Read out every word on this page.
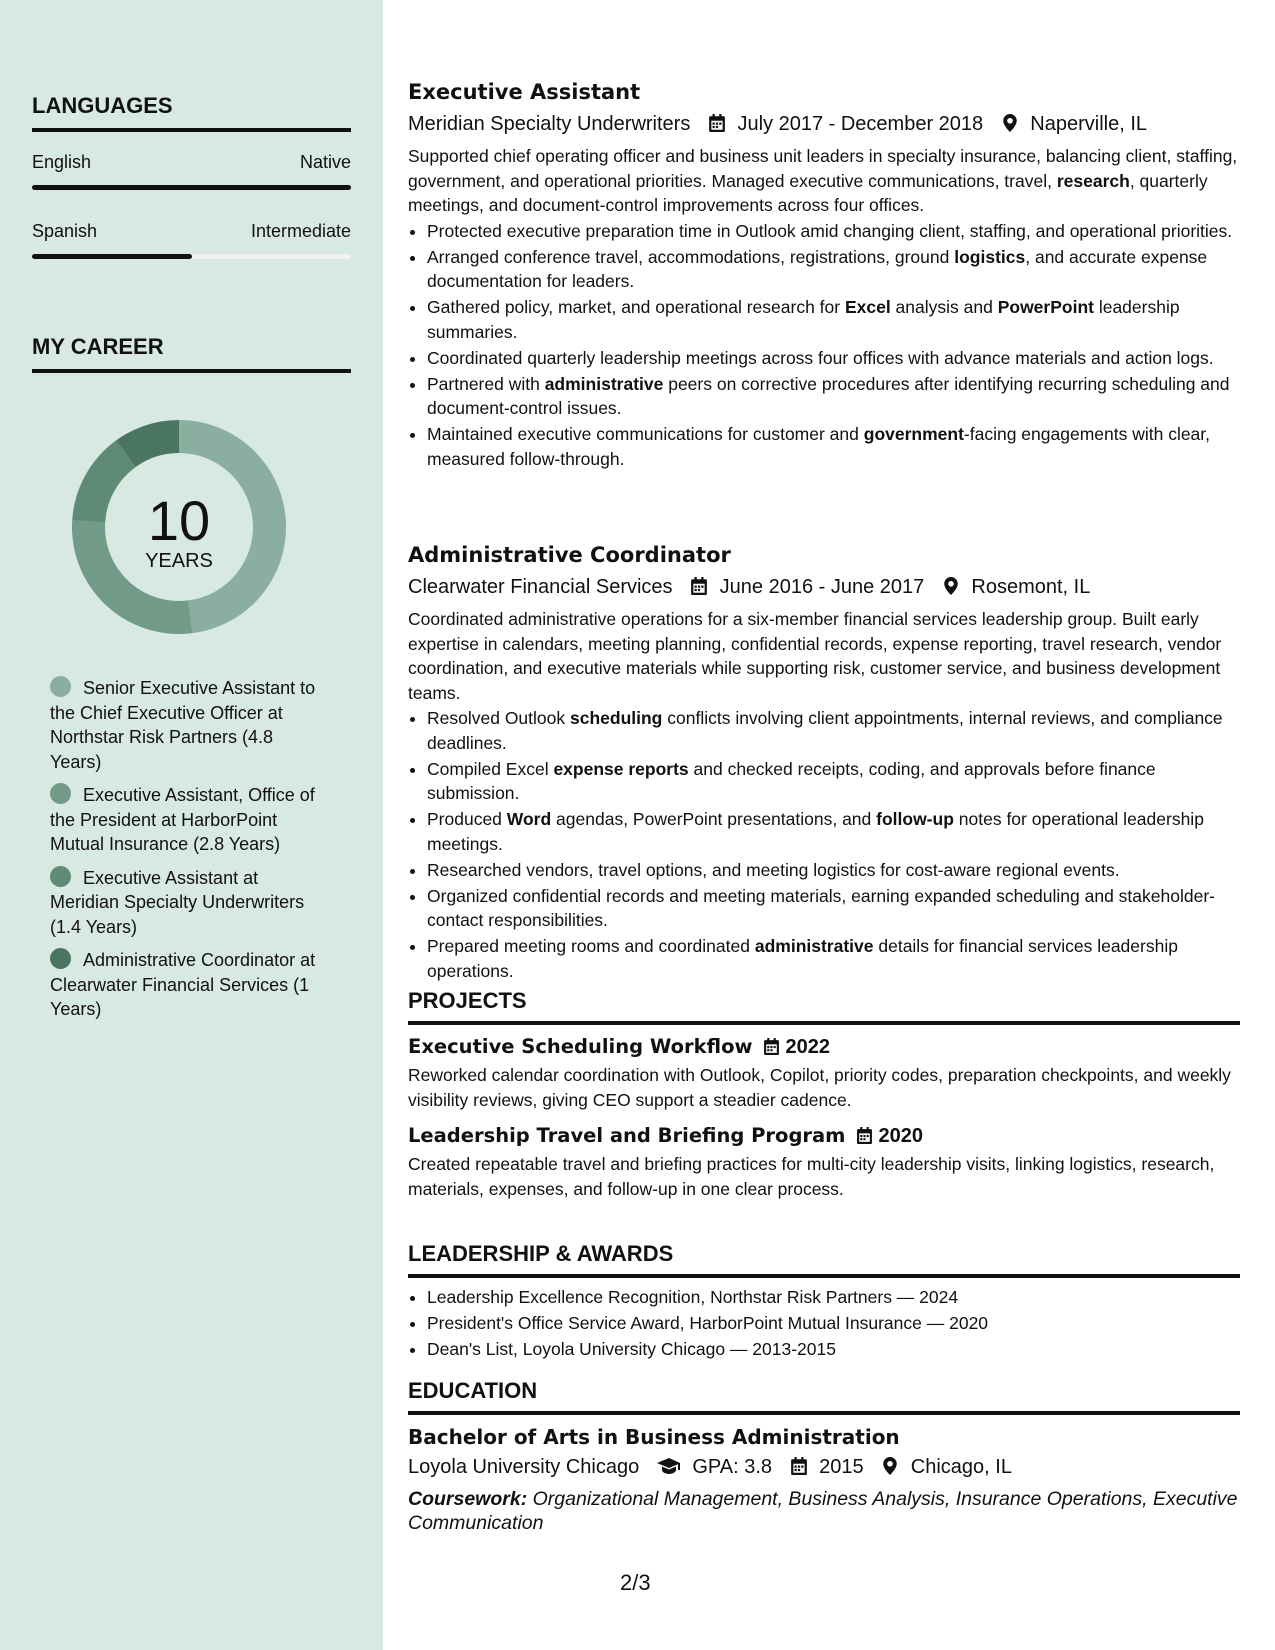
LANGUAGES
English	Native
Spanish	Intermediate
MY CAREER
10
YEARS
Senior Executive Assistant to the Chief Executive Officer at Northstar Risk Partners (4.8 Years)
Executive Assistant, Office of the President at HarborPoint Mutual Insurance (2.8 Years)
Executive Assistant at Meridian Specialty Underwriters (1.4 Years)
Administrative Coordinator at Clearwater Financial Services (1 Years)
Executive Assistant
Meridian Specialty Underwriters July 2017 - December 2018 Naperville, IL
Supported chief operating officer and business unit leaders in specialty insurance, balancing client, staffing, government, and operational priorities. Managed executive communications, travel, research, quarterly meetings, and document-control improvements across four offices.
• Protected executive preparation time in Outlook amid changing client, staffing, and operational priorities.
• Arranged conference travel, accommodations, registrations, ground logistics, and accurate expense documentation for leaders.
• Gathered policy, market, and operational research for Excel analysis and PowerPoint leadership summaries.
• Coordinated quarterly leadership meetings across four offices with advance materials and action logs.
• Partnered with administrative peers on corrective procedures after identifying recurring scheduling and document-control issues.
• Maintained executive communications for customer and government-facing engagements with clear, measured follow-through.
Administrative Coordinator
Clearwater Financial Services June 2016 - June 2017 Rosemont, IL
Coordinated administrative operations for a six-member financial services leadership group. Built early expertise in calendars, meeting planning, confidential records, expense reporting, travel research, vendor coordination, and executive materials while supporting risk, customer service, and business development teams.
• Resolved Outlook scheduling conflicts involving client appointments, internal reviews, and compliance deadlines.
• Compiled Excel expense reports and checked receipts, coding, and approvals before finance submission.
• Produced Word agendas, PowerPoint presentations, and follow-up notes for operational leadership meetings.
• Researched vendors, travel options, and meeting logistics for cost-aware regional events.
• Organized confidential records and meeting materials, earning expanded scheduling and stakeholder-contact responsibilities.
• Prepared meeting rooms and coordinated administrative details for financial services leadership operations.
PROJECTS
Executive Scheduling Workflow 2022
Reworked calendar coordination with Outlook, Copilot, priority codes, preparation checkpoints, and weekly visibility reviews, giving CEO support a steadier cadence.
Leadership Travel and Briefing Program 2020
Created repeatable travel and briefing practices for multi-city leadership visits, linking logistics, research, materials, expenses, and follow-up in one clear process.
LEADERSHIP & AWARDS
• Leadership Excellence Recognition, Northstar Risk Partners — 2024
• President's Office Service Award, HarborPoint Mutual Insurance — 2020
• Dean's List, Loyola University Chicago — 2013-2015
EDUCATION
Bachelor of Arts in Business Administration
Loyola University Chicago	GPA: 3.8 2015 Chicago, IL
Coursework: Organizational Management, Business Analysis, Insurance Operations, Executive Communication
2/3
